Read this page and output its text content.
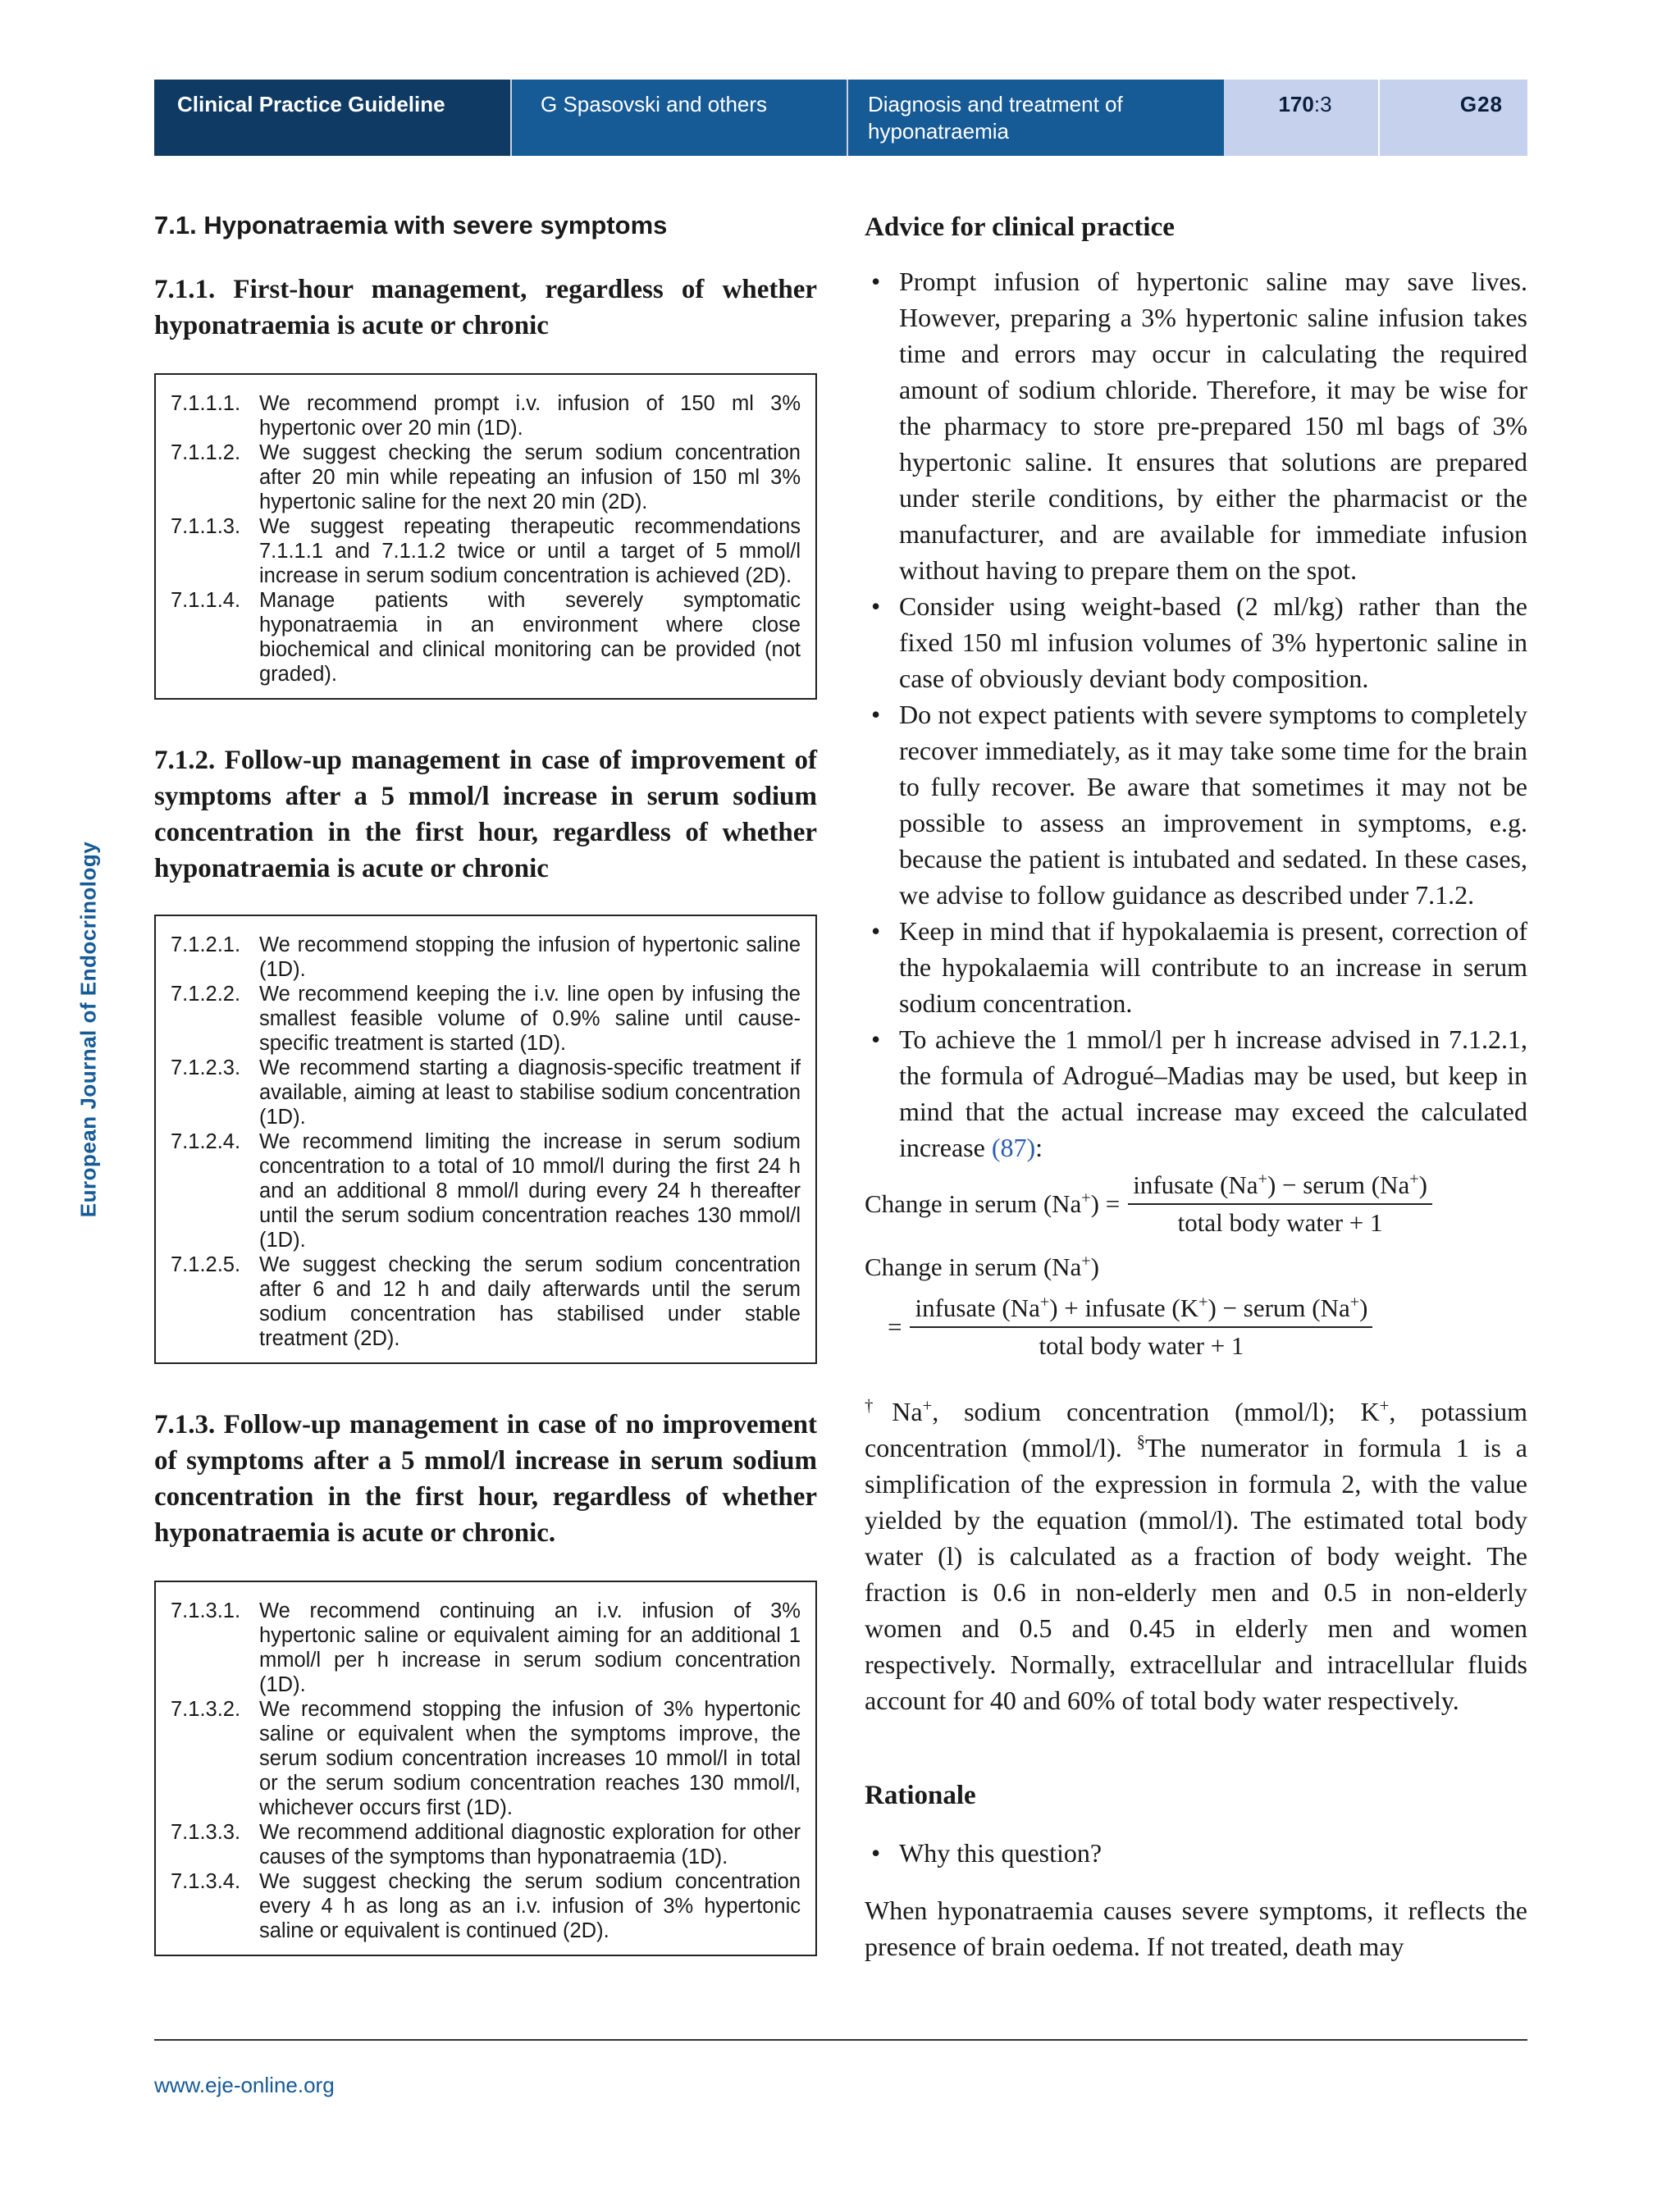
Clinical Practice Guideline	G Spasovski and others	Diagnosis and treatment of
hyponatraemia
170:3	G28
European Journal of Endocrinology
7.1. Hyponatraemia with severe symptoms
7.1.1. First-hour management, regardless of whether hyponatraemia is acute or chronic
7.1.1.1. We recommend prompt i.v. infusion of 150 ml 3% hypertonic over 20 min (1D).
7.1.1.2. We suggest checking the serum sodium concentration after 20 min while repeating an infusion of 150 ml 3% hypertonic saline for the next 20 min (2D).
7.1.1.3. We suggest repeating therapeutic recommendations 7.1.1.1 and 7.1.1.2 twice or until a target of 5 mmol/l increase in serum sodium concentration is achieved (2D).
7.1.1.4. Manage patients with severely symptomatic hyponatraemia in an environment where close biochemical and clinical monitoring can be provided (not graded).
7.1.2. Follow-up management in case of improvement of symptoms after a 5 mmol/l increase in serum sodium concentration in the first hour, regardless of whether hyponatraemia is acute or chronic
7.1.2.1. We recommend stopping the infusion of hypertonic saline (1D).
7.1.2.2. We recommend keeping the i.v. line open by infusing the smallest feasible volume of 0.9% saline until cause-specific treatment is started (1D).
7.1.2.3. We recommend starting a diagnosis-specific treatment if available, aiming at least to stabilise sodium concentration (1D).
7.1.2.4. We recommend limiting the increase in serum sodium concentration to a total of 10 mmol/l during the first 24 h and an additional 8 mmol/l during every 24 h thereafter until the serum sodium concentration reaches 130 mmol/l (1D).
7.1.2.5. We suggest checking the serum sodium concentration after 6 and 12 h and daily afterwards until the serum sodium concentration has stabilised under stable treatment (2D).
7.1.3. Follow-up management in case of no improvement of symptoms after a 5 mmol/l increase in serum sodium concentration in the first hour, regardless of whether hyponatraemia is acute or chronic.
7.1.3.1. We recommend continuing an i.v. infusion of 3% hypertonic saline or equivalent aiming for an additional 1 mmol/l per h increase in serum sodium concentration (1D).
7.1.3.2. We recommend stopping the infusion of 3% hypertonic saline or equivalent when the symptoms improve, the serum sodium concentration increases 10 mmol/l in total or the serum sodium concentration reaches 130 mmol/l, whichever occurs first (1D).
7.1.3.3. We recommend additional diagnostic exploration for other causes of the symptoms than hyponatraemia (1D).
7.1.3.4. We suggest checking the serum sodium concentration every 4 h as long as an i.v. infusion of 3% hypertonic saline or equivalent is continued (2D).
Advice for clinical practice
• Prompt infusion of hypertonic saline may save lives. However, preparing a 3% hypertonic saline infusion takes time and errors may occur in calculating the required amount of sodium chloride. Therefore, it may be wise for the pharmacy to store pre-prepared 150 ml bags of 3% hypertonic saline. It ensures that solutions are prepared under sterile conditions, by either the pharmacist or the manufacturer, and are available for immediate infusion without having to prepare them on the spot.
• Consider using weight-based (2 ml/kg) rather than the fixed 150 ml infusion volumes of 3% hypertonic saline in case of obviously deviant body composition.
• Do not expect patients with severe symptoms to completely recover immediately, as it may take some time for the brain to fully recover. Be aware that sometimes it may not be possible to assess an improvement in symptoms, e.g. because the patient is intubated and sedated. In these cases, we advise to follow guidance as described under 7.1.2.
• Keep in mind that if hypokalaemia is present, correction of the hypokalaemia will contribute to an increase in serum sodium concentration.
• To achieve the 1 mmol/l per h increase advised in 7.1.2.1, the formula of Adrogué–Madias may be used, but keep in mind that the actual increase may exceed the calculated increase (87):
Change in serum $(Na^+) = \frac{infusate (Na^+) - serum (Na^+)}{\text{total body water + 1}}$
Change in serum (Na+)
= $\frac{infusate (Na^+) + infusate (K^+) - serum (Na^+)}{\text{total body water + 1}}$

†Na+, sodium concentration (mmol/l); K+, potassium concentration (mmol/l). §The numerator in formula 1 is a simplification of the expression in formula 2, with the value yielded by the equation (mmol/l). The estimated total body water (l) is calculated as a fraction of body weight. The fraction is 0.6 in non-elderly men and 0.5 in non-elderly women and 0.5 and 0.45 in elderly men and women respectively. Normally, extracellular and intracellular fluids account for 40 and 60% of total body water respectively.

Rationale
• Why this question?

When hyponatraemia causes severe symptoms, it reflects the presence of brain oedema. If not treated, death may

www.eje-online.org
